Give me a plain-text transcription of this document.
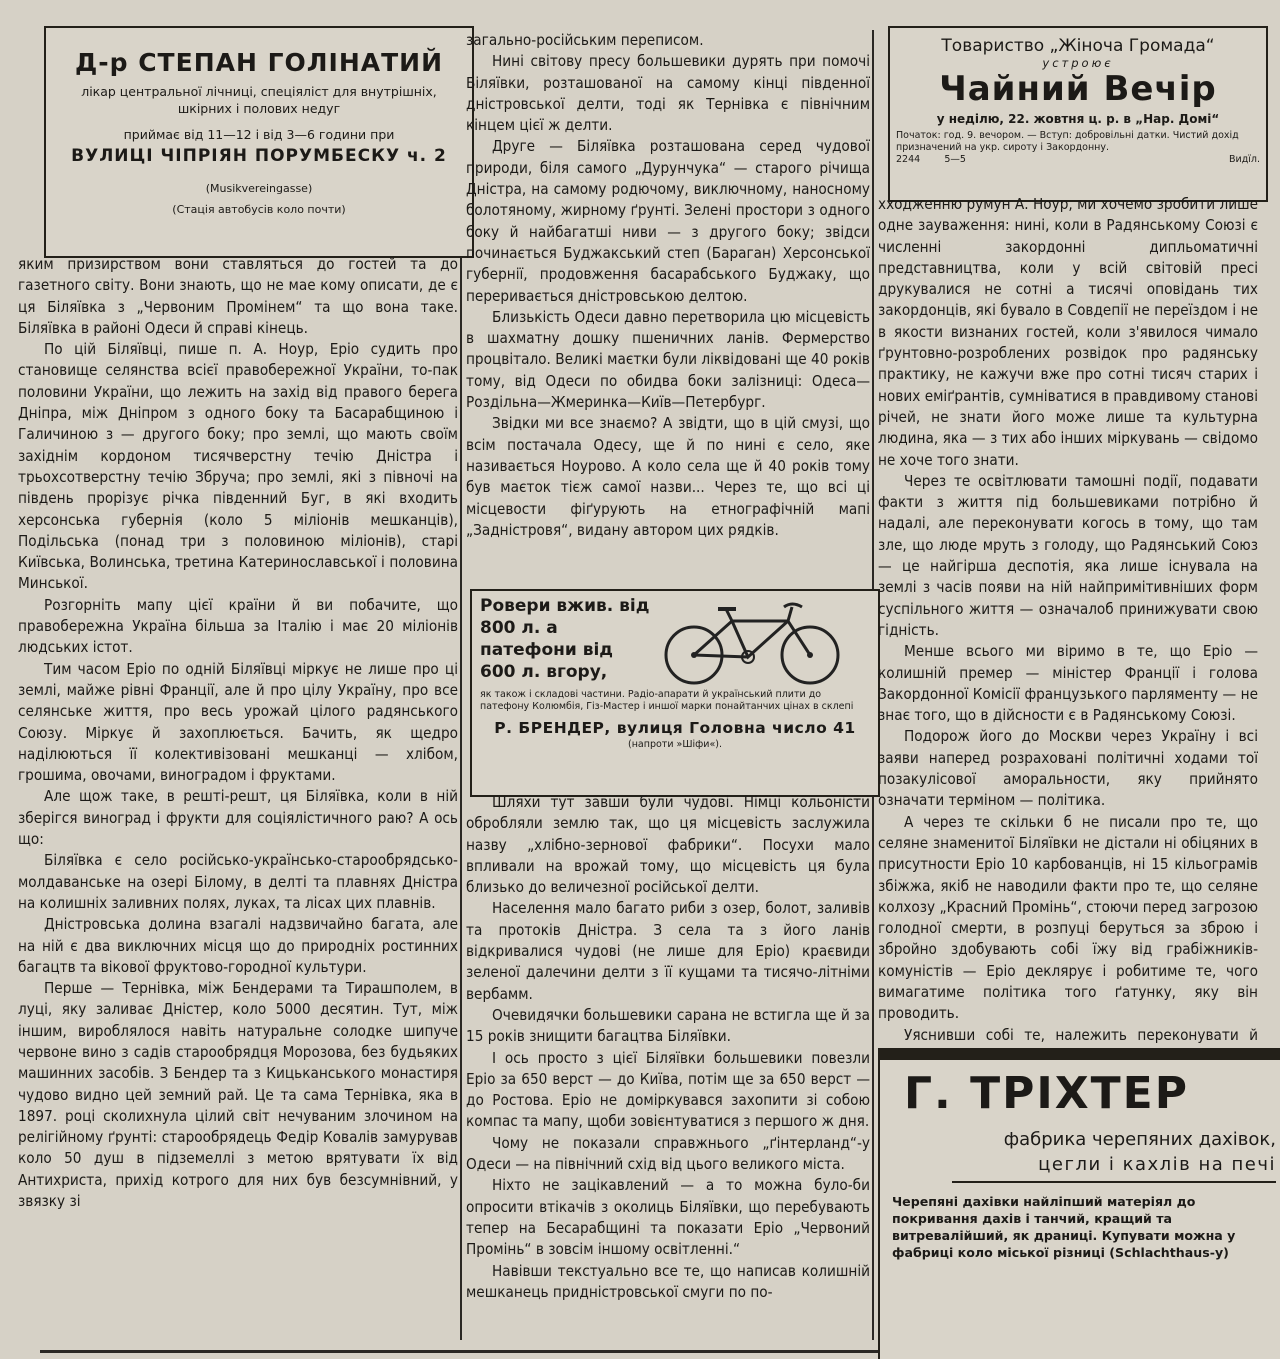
Д-р СТЕПАН ГОЛІНАТИЙ
лікар центральної лічниці, спеціяліст для внутрішніх, шкірних і полових недуг
приймає від 11—12 і від 3—6 години при
ВУЛИЦІ ЧІПРІЯН ПОРУМБЕСКУ ч. 2
(Musikvereingasse)
(Стація автобусів коло почти)

яким призирством вони ставляться до гостей та до газетного світу. Вони знають, що не мае кому описати, де є ця Біляївка з „Червоним Промінем“ та що вона таке. Біляївка в районі Одеси й справі кінець.

По цій Біляївці, пише п. А. Ноур, Еріо судить про становище селянства всієї правобережної України, то-пак половини України, що лежить на захід від правого берега Дніпра, між Дніпром з одного боку та Басарабщиною і Галичиною з — другого боку; про землі, що мають своїм західнім кордоном тисячверстну течію Дністра і трьохсотверстну течію Збруча; про землі, які з півночі на південь прорізує річка південний Буг, в які входить херсонська губернія (коло 5 міліонів мешканців), Подільська (понад три з половиною міліонів), старі Київська, Волинська, третина Катеринославської і половина Минської.

Розгорніть мапу цієї країни й ви побачите, що правобережна Україна більша за Італію і має 20 міліонів людських істот.

Тим часом Еріо по одній Біляївці міркує не лише про ці землі, майже рівні Франції, але й про цілу Україну, про все селянське життя, про весь урожай цілого радянського Союзу. Міркує й захоплюється. Бачить, як щедро наділюються її колективізовані мешканці — хлібом, грошима, овочами, виноградом і фруктами.

Але щож таке, в решті-решт, ця Біляївка, коли в ній зберігся виноград і фрукти для соціялістичного раю? А ось що:

Біляївка є село російсько-українсько-старообрядсько-молдаванське на озері Білому, в делті та плавнях Дністра на колишніх заливних полях, луках, та лісах цих плавнів.

Дністровська долина взагалі надзвичайно багата, але на ній є два виключних місця що до природніх ростинних багацтв та вікової фруктово-городної культури.

Перше — Тернівка, між Бендерами та Тирашполем, в луці, яку заливає Дністер, коло 5000 десятин. Тут, між іншим, вироблялося навіть натуральне солодке шипуче червоне вино з садів старообрядця Морозова, без будьяких машинних засобів. З Бендер та з Кицьканського монастиря чудово видно цей земний рай. Це та сама Тернівка, яка в 1897. році сколихнула цілий світ нечуваним злочином на релігійному ґрунті: старообрядець Федір Ковалів замурував коло 50 душ в підземеллі з метою врятувати їх від Антихриста, прихід котрого для них був безсумнівний, у звязку зі

загально-російським переписом.

Нині світову пресу большевики дурять при помочі Біляївки, розташованої на самому кінці південної дністровської делти, тоді як Тернівка є північним кінцем цієї ж делти.

Друге — Біляївка розташована серед чудової природи, біля самого „Дурунчука“ — старого річища Дністра, на самому родючому, виключному, наносному болотяному, жирному ґрунті. Зелені простори з одного боку й найбагатші ниви — з другого боку; звідси починається Буджакський степ (Бараган) Херсонської губернії, продовження басарабського Буджаку, що переривається дністровською делтою.

Близькість Одеси давно перетворила цю місцевість в шахматну дошку пшеничних ланів. Фермерство процвітало. Великі маєтки були ліквідовані ще 40 років тому, від Одеси по обидва боки залізниці: Одеса—Роздільна—Жмеринка—Київ—Петербург.

Звідки ми все знаємо? А звідти, що в цій смузі, що всім постачала Одесу, ще й по нині є село, яке називається Ноурово. А коло села ще й 40 років тому був маєток тієж самої назви... Через те, що всі ці місцевости фіґурують на етнографічній мапі „Задністровя“, видану автором цих рядків.

Ровери вжив. від 800 л. а патефони від 600 л. вгору,
як також і складові частини. Радіо-апарати й український плити до патефону Колюмбія, Гіз-Мастер і иншої марки понайтанчих цінах в склепі
Р. БРЕНДЕР, вулиця Головна число 41
(напроти »Шіфи«).

Шляхи тут завши були чудові. Німці кольоністи обробляли землю так, що ця місцевість заслужила назву „хлібно-зернової фабрики“. Посухи мало впливали на врожай тому, що місцевість ця була близько до величезної російської делти.

Населення мало багато риби з озер, болот, заливів та протоків Дністра. З села та з його ланів відкривалися чудові (не лише для Еріо) краєвиди зеленої далечини делти з її кущами та тисячо-літніми вербамм.

Очевидячки большевики сарана не встигла ще й за 15 років знищити багацтва Біляївки.

І ось просто з цієї Біляївки большевики повезли Еріо за 650 верст — до Київа, потім ще за 650 верст — до Ростова. Еріо не доміркувався захопити зі собою компас та мапу, щоби зовієнтуватися з першого ж дня.

Чому не показали справжнього „ґінтерланд“-у Одеси — на північний схід від цього великого міста.

Ніхто не зацікавлений — а то можна було-би опросити втікачів з околиць Біляївки, що перебувають тепер на Бесарабщині та показати Еріо „Червоний Промінь“ в зовсім іншому освітленні.“

Навівши текстуально все те, що написав колишній мешканець придністровської смуги по по-

Товариство „Жіноча Громада“
устроює
Чайний Вечір
у неділю, 22. жовтня ц. р. в „Нар. Домі“
Початок: год. 9. вечором. — Вступ: добровільні датки. Чистий дохід призначений на укр. сироту і Закордонну.
2244	5—5	Видїл.

хходженню румун А. Ноур, ми хочемо зробити лише одне зауваження: нині, коли в Радянському Союзі є численні закордонні дипльоматичні представництва, коли у всій світовій пресі друкувалися не сотні а тисячі оповідань тих закордонців, які бувало в Совдепії не переїздом і не в якости визнаних гостей, коли з'явилося чимало ґрунтовно-розроблених розвідок про радянську практику, не кажучи вже про сотні тисяч старих і нових еміґрантів, сумніватися в правдивому станові річей, не знати його може лише та культурна людина, яка — з тих або інших міркувань — свідомо не хоче того знати.

Через те освітлювати тамошні події, подавати факти з життя під большевиками потрібно й надалі, але переконувати когось в тому, що там зле, що люде мруть з голоду, що Радянський Союз — це найгірша деспотія, яка лише існувала на землі з часів появи на ній найпримітивніших форм суспільного життя — означалоб принижувати свою гідність.

Менше всього ми віримо в те, що Еріо — колишній премер — міністер Франції і голова Закордонної Комісії французького парляменту — не знає того, що в дійсности є в Радянському Союзі.

Подорож його до Москви через Україну і всі заяви наперед розраховані політичні ходами тої позакулісової аморальности, яку прийнято означати терміном — політика.

А через те скільки б не писали про те, що селяне знаменитої Біляївки не дістали ні обіцяних в присутности Еріо 10 карбованців, ні 15 кільограмів збіжжа, якіб не наводили факти про те, що селяне колхозу „Красний Промінь“, стоючи перед загрозою голодної смерти, в розпуці беруться за зброю і збройно здобувають собі їжу від грабіжників-комуністів — Еріо деклярує і робитиме те, чого вимагатиме політика того ґатунку, яку він проводить.

Уяснивши собі те, належить переконувати й

Г. ТРІХТЕР
фабрика черепяних дахівок,
цегли і кахлів на печі
Черепяні дахівки найліпший матеріял до покривання дахів і танчий, кращий та витревалійший, як драниці. Купувати можна у фабриці коло міської різниці (Schlachthaus-у)
